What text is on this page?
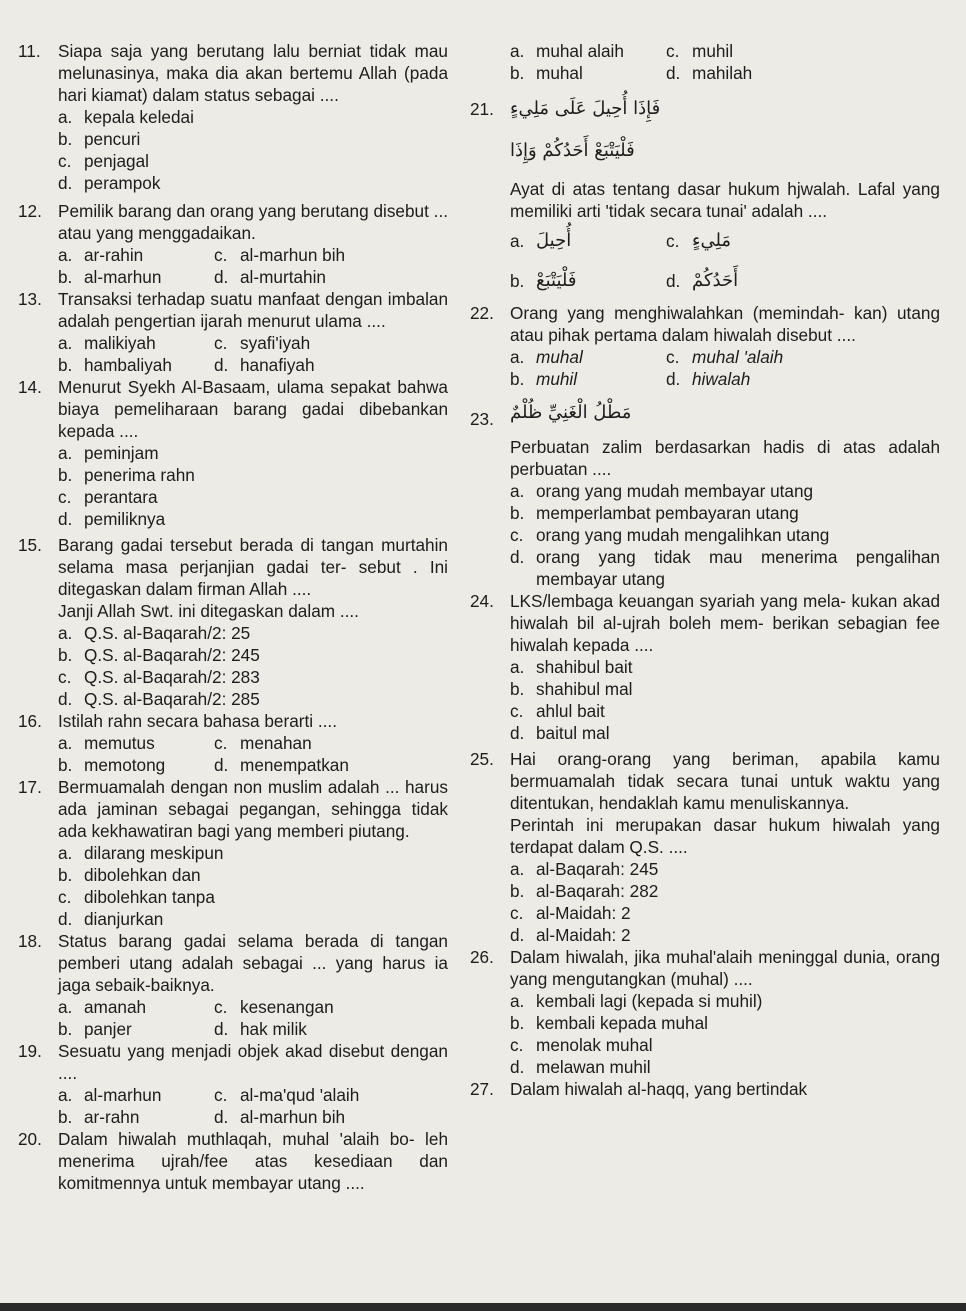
11. Siapa saja yang berutang lalu berniat tidak mau melunasinya, maka dia akan bertemu Allah (pada hari kiamat) dalam status sebagai ....
a. kepala keledai
b. pencuri
c. penjagal
d. perampok
12. Pemilik barang dan orang yang berutang disebut ... atau yang menggadaikan.
a. ar-rahin	c. al-marhun bih
b. al-marhun	d. al-murtahin
13. Transaksi terhadap suatu manfaat dengan imbalan adalah pengertian ijarah menurut ulama ....
a. malikiyah	c. syafi'iyah
b. hambaliyah d. hanafiyah
14. Menurut Syekh Al-Basaam, ulama sepakat bahwa biaya pemeliharaan barang gadai dibebankan kepada ....
a. peminjam
b. penerima rahn
c. perantara
d. pemiliknya
15. Barang gadai tersebut berada di tangan murtahin selama masa perjanjian gadai ter- sebut . Ini ditegaskan dalam firman Allah ....
Janji Allah Swt. ini ditegaskan dalam ....
a. Q.S. al-Baqarah/2: 25
b. Q.S. al-Baqarah/2: 245
c. Q.S. al-Baqarah/2: 283
d. Q.S. al-Baqarah/2: 285
16. Istilah rahn secara bahasa berarti ....
a. memutus	c. menahan
b. memotong	d. menempatkan
17. Bermuamalah dengan non muslim adalah ... harus ada jaminan sebagai pegangan, sehingga tidak ada kekhawatiran bagi yang memberi piutang.
a. dilarang meskipun
b. dibolehkan dan
c. dibolehkan tanpa
d. dianjurkan
18. Status barang gadai selama berada di tangan pemberi utang adalah sebagai ... yang harus ia jaga sebaik-baiknya.
a. amanah	c. kesenangan
b. panjer	d. hak milik
19. Sesuatu yang menjadi objek akad disebut dengan ....
a. al-marhun	c. al-ma'qud 'alaih
b. ar-rahn	d. al-marhun bih
20. Dalam hiwalah muthlaqah, muhal 'alaih bo- leh menerima ujrah/fee atas kesediaan dan komitmennya untuk membayar utang ....
a. muhal alaih c. muhil
b. muhal	d. mahilah
21. فَإِذَا أُحِيلَ عَلَى مَلِيءٍ
فَلْيَتْبَعْ أَحَدُكُمْ وَإِذَا
Ayat di atas tentang dasar hukum hjwalah. Lafal yang memiliki arti 'tidak secara tunai' adalah ....
a. أُحِيلَ	c. مَلِيءٍ
b. فَلْيَتْبَعْ	d. أَحَدُكُمْ
22. Orang yang menghiwalahkan (memindah- kan) utang atau pihak pertama dalam hiwalah disebut ....
a. muhal	c. muhal 'alaih
b. muhil	d. hiwalah
23. مَطْلُ الْغَنِيِّ ظُلْمٌ
Perbuatan zalim berdasarkan hadis di atas adalah perbuatan ....
a. orang yang mudah membayar utang
b. memperlambat pembayaran utang
c. orang yang mudah mengalihkan utang
d. orang yang tidak mau menerima pengalihan membayar utang
24. LKS/lembaga keuangan syariah yang mela- kukan akad hiwalah bil al-ujrah boleh mem- berikan sebagian fee hiwalah kepada ....
a. shahibul bait
b. shahibul mal
c. ahlul bait
d. baitul mal
25. Hai orang-orang yang beriman, apabila kamu bermuamalah tidak secara tunai untuk waktu yang ditentukan, hendaklah kamu menuliskannya.
Perintah ini merupakan dasar hukum hiwalah yang terdapat dalam Q.S. ....
a. al-Baqarah: 245
b. al-Baqarah: 282
c. al-Maidah: 2
d. al-Maidah: 2
26. Dalam hiwalah, jika muhal'alaih meninggal dunia, orang yang mengutangkan (muhal) ....
a. kembali lagi (kepada si muhil)
b. kembali kepada muhal
c. menolak muhal
d. melawan muhil
27. Dalam hiwalah al-haqq, yang bertindak
